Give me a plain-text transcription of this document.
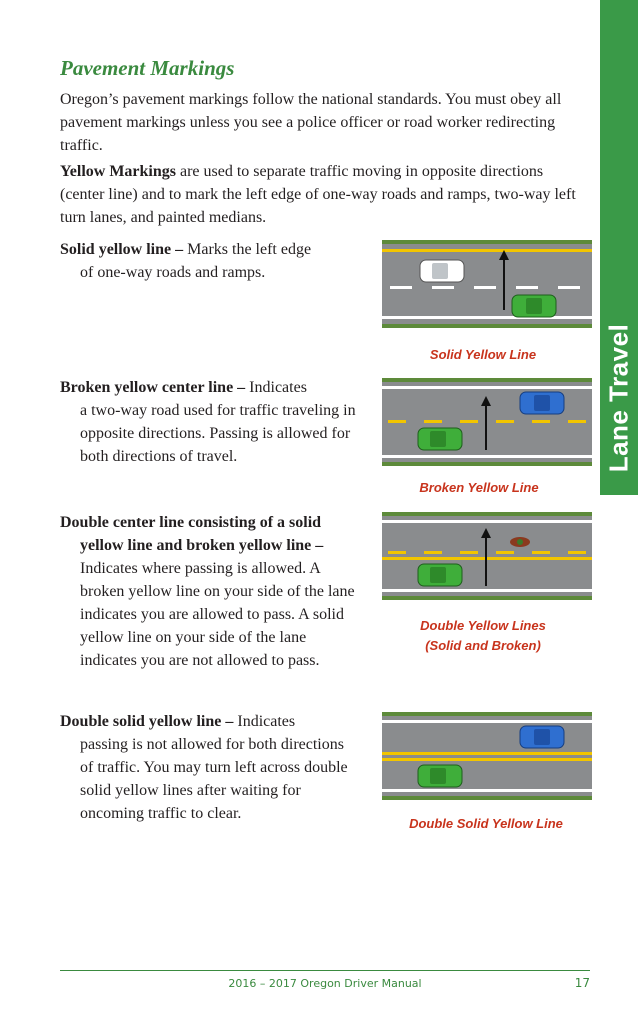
Lane Travel
Pavement Markings

Oregon’s pavement markings follow the national standards. You must obey all pavement markings unless you see a police officer or road worker redirecting traffic.

Yellow Markings are used to separate traffic moving in opposite directions (center line) and to mark the left edge of one-way roads and ramps, two-way left turn lanes, and painted medians.

Solid yellow line – Marks the left edge
of one-way roads and ramps.
Solid Yellow Line
Broken yellow center line – Indicates
a two-way road used for traffic traveling in opposite directions. Passing is allowed for both directions of travel.
Broken Yellow Line
Double center line consisting of a solid
yellow line and broken yellow line –
Indicates where passing is allowed. A broken yellow line on your side of the lane indicates you are allowed to pass. A solid yellow line on your side of the lane indicates you are not allowed to pass.
Double Yellow Lines
(Solid and Broken)
Double solid yellow line – Indicates
passing is not allowed for both directions of traffic. You may turn left across double solid yellow lines after waiting for oncoming traffic to clear.
Double Solid Yellow Line
2016 – 2017 Oregon Driver Manual	17
